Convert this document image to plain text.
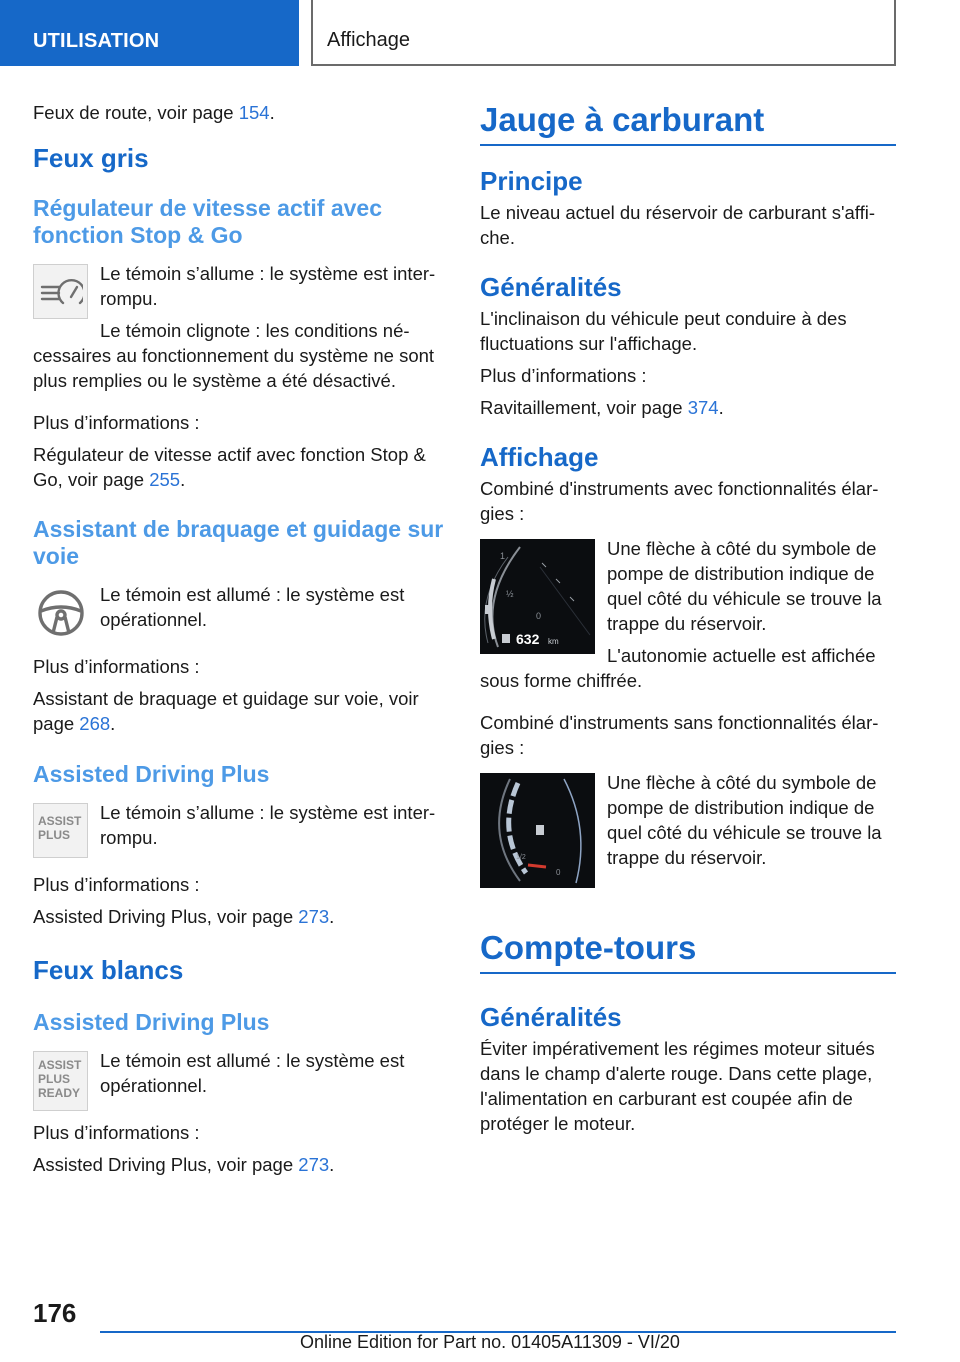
UTILISATION	Affichage

Feux de route, voir page 154.

Feux gris
Régulateur de vitesse actif avec fonction Stop & Go

Le témoin s’allume : le système est inter‐rompu.

Le témoin clignote : les conditions né‐cessaires au fonctionnement du système ne sont plus remplies ou le système a été désactivé.

Plus d’informations :

Régulateur de vitesse actif avec fonction Stop & Go, voir page 255.

Assistant de braquage et guidage sur voie

Le témoin est allumé : le système est opérationnel.

Plus d’informations :

Assistant de braquage et guidage sur voie, voir page 268.

Assisted Driving Plus
ASSIST
PLUS

Le témoin s’allume : le système est inter‐rompu.

Plus d’informations :

Assisted Driving Plus, voir page 273.

Feux blancs
Assisted Driving Plus
ASSIST
PLUS
READY

Le témoin est allumé : le système est opérationnel.

Plus d’informations :

Assisted Driving Plus, voir page 273.

Jauge à carburant
Principe

Le niveau actuel du réservoir de carburant s'affi‐che.

Généralités

L'inclinaison du véhicule peut conduire à des fluctuations sur l'affichage.

Plus d’informations :

Ravitaillement, voir page 374.

Affichage

Combiné d'instruments avec fonctionnalités élar‐gies :

1
½
0
632 km

Une flèche à côté du symbole de pompe de distribution indique de quel côté du véhicule se trouve la trappe du réservoir.

L'autonomie actuelle est affichée sous forme chiffrée.

Combiné d'instruments sans fonctionnalités élar‐gies :

1/2
0

Une flèche à côté du symbole de pompe de distribution indique de quel côté du véhicule se trouve la trappe du réservoir.

Compte-tours
Généralités

Éviter impérativement les régimes moteur situés dans le champ d'alerte rouge. Dans cette plage, l'alimentation en carburant est coupée afin de protéger le moteur.

176
Online Edition for Part no. 01405A11309 - VI/20
